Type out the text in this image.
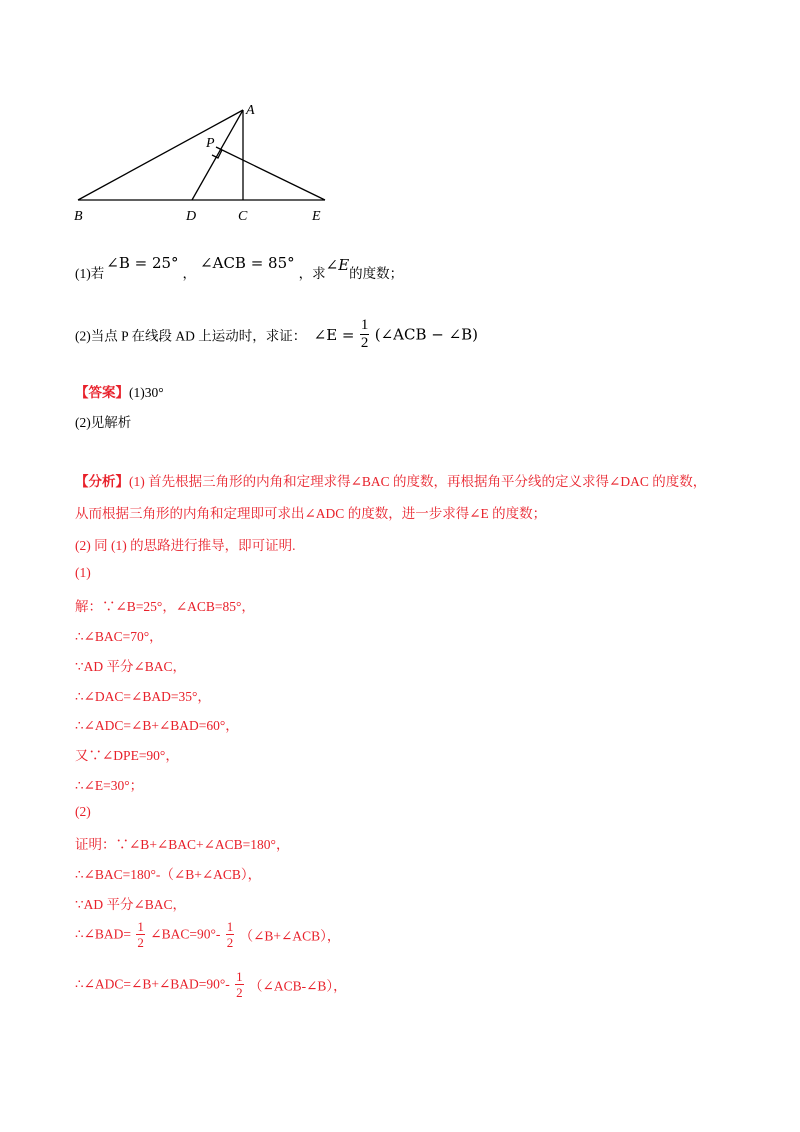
A
P
B	D	C	E
(1)若∠B = 25°，∠ACB = 85°，求∠E的度数；
(2)当点 P 在线段 AD 上运动时，求证： ∠E = $\frac{1}{2}$ (∠ACB − ∠B)
【答案】(1)30°
(2)见解析
【分析】(1) 首先根据三角形的内角和定理求得∠BAC 的度数，再根据角平分线的定义求得∠DAC 的度数，
从而根据三角形的内角和定理即可求出∠ADC 的度数，进一步求得∠E 的度数；
(2) 同 (1) 的思路进行推导，即可证明.
(1)
解：∵∠B=25°，∠ACB=85°，
∴∠BAC=70°，
∵AD 平分∠BAC，
∴∠DAC=∠BAD=35°，
∴∠ADC=∠B+∠BAD=60°，
又∵∠DPE=90°，
∴∠E=30°；
(2)
证明：∵∠B+∠BAC+∠ACB=180°，
∴∠BAC=180°-（∠B+∠ACB），
∵AD 平分∠BAC，
∴∠BAD= $\frac{1}{2}$ ∠BAC=90°- $\frac{1}{2}$ （∠B+∠ACB），
∴∠ADC=∠B+∠BAD=90°- $\frac{1}{2}$ （∠ACB-∠B），
